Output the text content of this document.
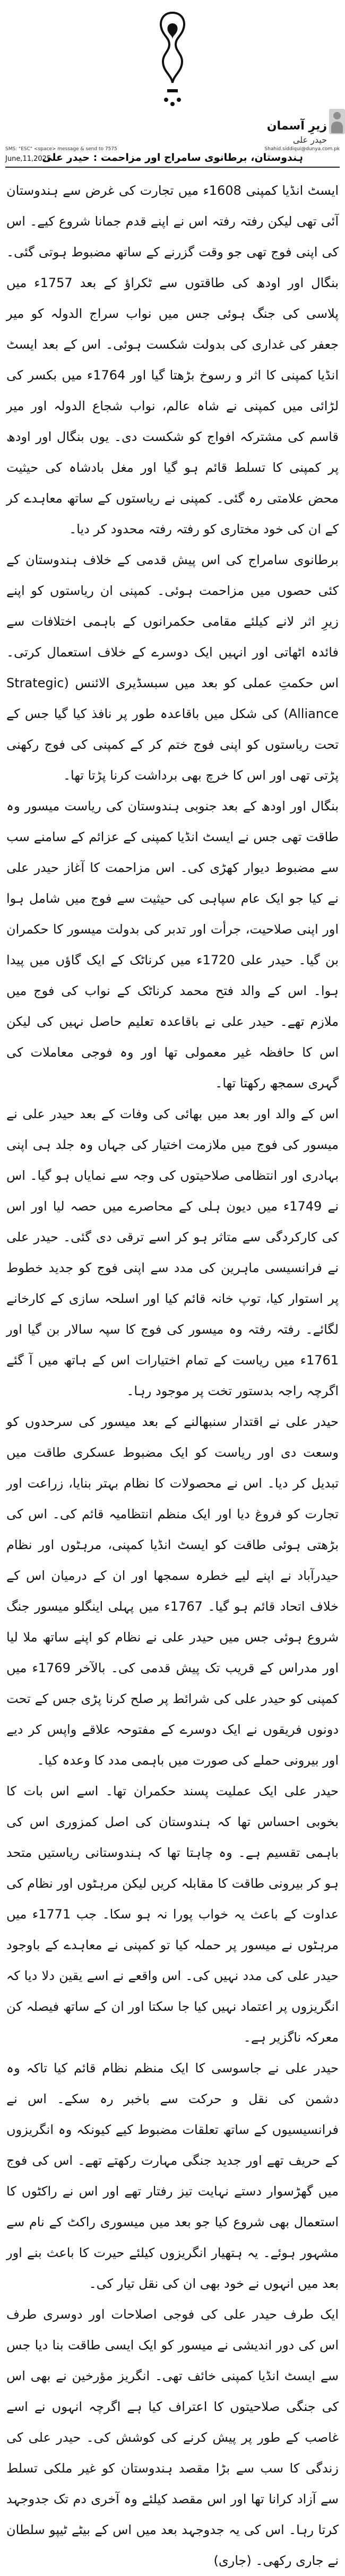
زیرِ آسمان
حیدر علی
SMS: "ESC" <space> message & send to 7575	Shahid.siddiqui@dunya.com.pk
June,11,2025
ہندوستان، برطانوی سامراج اور مزاحمت : حیدر علی

ایسٹ انڈیا کمپنی 1608ء میں تجارت کی غرض سے ہندوستان آئی تھی لیکن رفتہ رفتہ اس نے اپنے قدم جمانا شروع کیے۔ اس کی اپنی فوج تھی جو وقت گزرنے کے ساتھ مضبوط ہوتی گئی۔ بنگال اور اودھ کی طاقتوں سے ٹکراؤ کے بعد 1757ء میں پلاسی کی جنگ ہوئی جس میں نواب سراج الدولہ کو میر جعفر کی غداری کی بدولت شکست ہوئی۔ اس کے بعد ایسٹ انڈیا کمپنی کا اثر و رسوخ بڑھتا گیا اور 1764ء میں بکسر کی لڑائی میں کمپنی نے شاہ عالم، نواب شجاع الدولہ اور میر قاسم کی مشترکہ افواج کو شکست دی۔ یوں بنگال اور اودھ پر کمپنی کا تسلط قائم ہو گیا اور مغل بادشاہ کی حیثیت محض علامتی رہ گئی۔ کمپنی نے ریاستوں کے ساتھ معاہدے کر کے ان کی خود مختاری کو رفتہ رفتہ محدود کر دیا۔

برطانوی سامراج کی اس پیش قدمی کے خلاف ہندوستان کے کئی حصوں میں مزاحمت ہوئی۔ کمپنی ان ریاستوں کو اپنے زیرِ اثر لانے کیلئے مقامی حکمرانوں کے باہمی اختلافات سے فائدہ اٹھاتی اور انہیں ایک دوسرے کے خلاف استعمال کرتی۔ اس حکمتِ عملی کو بعد میں سبسڈیری الائنس (Strategic Alliance) کی شکل میں باقاعدہ طور پر نافذ کیا گیا جس کے تحت ریاستوں کو اپنی فوج ختم کر کے کمپنی کی فوج رکھنی پڑتی تھی اور اس کا خرچ بھی برداشت کرنا پڑتا تھا۔

بنگال اور اودھ کے بعد جنوبی ہندوستان کی ریاست میسور وہ طاقت تھی جس نے ایسٹ انڈیا کمپنی کے عزائم کے سامنے سب سے مضبوط دیوار کھڑی کی۔ اس مزاحمت کا آغاز حیدر علی نے کیا جو ایک عام سپاہی کی حیثیت سے فوج میں شامل ہوا اور اپنی صلاحیت، جرأت اور تدبر کی بدولت میسور کا حکمران بن گیا۔ حیدر علی 1720ء میں کرناٹک کے ایک گاؤں میں پیدا ہوا۔ اس کے والد فتح محمد کرناٹک کے نواب کی فوج میں ملازم تھے۔ حیدر علی نے باقاعدہ تعلیم حاصل نہیں کی لیکن اس کا حافظہ غیر معمولی تھا اور وہ فوجی معاملات کی گہری سمجھ رکھتا تھا۔

اس کے والد اور بعد میں بھائی کی وفات کے بعد حیدر علی نے میسور کی فوج میں ملازمت اختیار کی جہاں وہ جلد ہی اپنی بہادری اور انتظامی صلاحیتوں کی وجہ سے نمایاں ہو گیا۔ اس نے 1749ء میں دیون ہلی کے محاصرے میں حصہ لیا اور اس کی کارکردگی سے متاثر ہو کر اسے ترقی دی گئی۔ حیدر علی نے فرانسیسی ماہرین کی مدد سے اپنی فوج کو جدید خطوط پر استوار کیا، توپ خانہ قائم کیا اور اسلحہ سازی کے کارخانے لگائے۔ رفتہ رفتہ وہ میسور کی فوج کا سپہ سالار بن گیا اور 1761ء میں ریاست کے تمام اختیارات اس کے ہاتھ میں آ گئے اگرچہ راجہ بدستور تخت پر موجود رہا۔

حیدر علی نے اقتدار سنبھالنے کے بعد میسور کی سرحدوں کو وسعت دی اور ریاست کو ایک مضبوط عسکری طاقت میں تبدیل کر دیا۔ اس نے محصولات کا نظام بہتر بنایا، زراعت اور تجارت کو فروغ دیا اور ایک منظم انتظامیہ قائم کی۔ اس کی بڑھتی ہوئی طاقت کو ایسٹ انڈیا کمپنی، مرہٹوں اور نظام حیدرآباد نے اپنے لیے خطرہ سمجھا اور ان کے درمیان اس کے خلاف اتحاد قائم ہو گیا۔ 1767ء میں پہلی اینگلو میسور جنگ شروع ہوئی جس میں حیدر علی نے نظام کو اپنے ساتھ ملا لیا اور مدراس کے قریب تک پیش قدمی کی۔ بالآخر 1769ء میں کمپنی کو حیدر علی کی شرائط پر صلح کرنا پڑی جس کے تحت دونوں فریقوں نے ایک دوسرے کے مفتوحہ علاقے واپس کر دیے اور بیرونی حملے کی صورت میں باہمی مدد کا وعدہ کیا۔

حیدر علی ایک عملیت پسند حکمران تھا۔ اسے اس بات کا بخوبی احساس تھا کہ ہندوستان کی اصل کمزوری اس کی باہمی تقسیم ہے۔ وہ چاہتا تھا کہ ہندوستانی ریاستیں متحد ہو کر بیرونی طاقت کا مقابلہ کریں لیکن مرہٹوں اور نظام کی عداوت کے باعث یہ خواب پورا نہ ہو سکا۔ جب 1771ء میں مرہٹوں نے میسور پر حملہ کیا تو کمپنی نے معاہدے کے باوجود حیدر علی کی مدد نہیں کی۔ اس واقعے نے اسے یقین دلا دیا کہ انگریزوں پر اعتماد نہیں کیا جا سکتا اور ان کے ساتھ فیصلہ کن معرکہ ناگزیر ہے۔

حیدر علی نے جاسوسی کا ایک منظم نظام قائم کیا تاکہ وہ دشمن کی نقل و حرکت سے باخبر رہ سکے۔ اس نے فرانسیسیوں کے ساتھ تعلقات مضبوط کیے کیونکہ وہ انگریزوں کے حریف تھے اور جدید جنگی مہارت رکھتے تھے۔ اس کی فوج میں گھڑسوار دستے نہایت تیز رفتار تھے اور اس نے راکٹوں کا استعمال بھی شروع کیا جو بعد میں میسوری راکٹ کے نام سے مشہور ہوئے۔ یہ ہتھیار انگریزوں کیلئے حیرت کا باعث بنے اور بعد میں انہوں نے خود بھی ان کی نقل تیار کی۔

ایک طرف حیدر علی کی فوجی اصلاحات اور دوسری طرف اس کی دور اندیشی نے میسور کو ایک ایسی طاقت بنا دیا جس سے ایسٹ انڈیا کمپنی خائف تھی۔ انگریز مؤرخین نے بھی اس کی جنگی صلاحیتوں کا اعتراف کیا ہے اگرچہ انہوں نے اسے غاصب کے طور پر پیش کرنے کی کوشش کی۔ حیدر علی کی زندگی کا سب سے بڑا مقصد ہندوستان کو غیر ملکی تسلط سے آزاد کرانا تھا اور اس مقصد کیلئے وہ آخری دم تک جدوجہد کرتا رہا۔ اس کی یہ جدوجہد بعد میں اس کے بیٹے ٹیپو سلطان نے جاری رکھی۔ (جاری)
